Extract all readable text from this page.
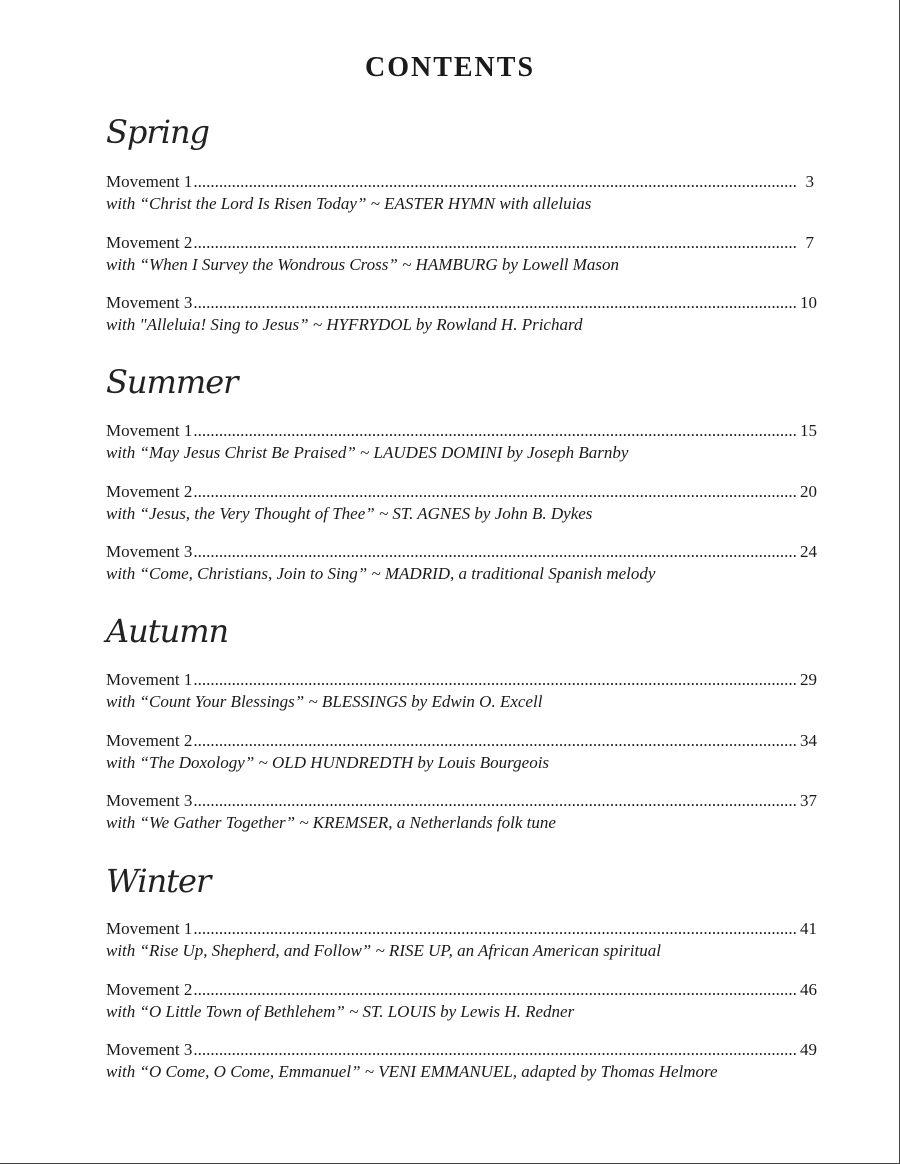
CONTENTS
Spring
Movement 1 .....	3
with “Christ the Lord Is Risen Today” ~ EASTER HYMN with alleluias
Movement 2 .....	7
with “When I Survey the Wondrous Cross” ~ HAMBURG by Lowell Mason
Movement 3 .....	10
with "Alleluia! Sing to Jesus” ~ HYFRYDOL by Rowland H. Prichard
Summer
Movement 1 .....	15
with “May Jesus Christ Be Praised” ~ LAUDES DOMINI by Joseph Barnby
Movement 2 .....	20
with “Jesus, the Very Thought of Thee” ~ ST. AGNES by John B. Dykes
Movement 3 .....	24
with “Come, Christians, Join to Sing” ~ MADRID, a traditional Spanish melody
Autumn
Movement 1 .....	29
with “Count Your Blessings” ~ BLESSINGS by Edwin O. Excell
Movement 2 .....	34
with “The Doxology” ~ OLD HUNDREDTH by Louis Bourgeois
Movement 3 .....	37
with “We Gather Together” ~ KREMSER, a Netherlands folk tune
Winter
Movement 1 .....	41
with “Rise Up, Shepherd, and Follow” ~ RISE UP, an African American spiritual
Movement 2 .....	46
with “O Little Town of Bethlehem” ~ ST. LOUIS by Lewis H. Redner
Movement 3 .....	49
with “O Come, O Come, Emmanuel” ~ VENI EMMANUEL, adapted by Thomas Helmore
